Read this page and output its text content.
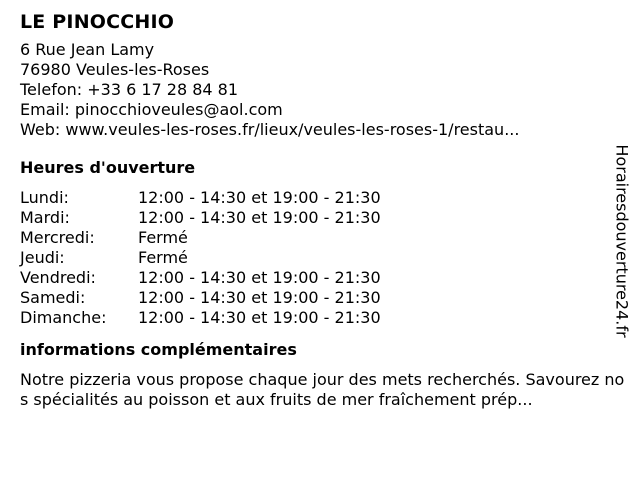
LE PINOCCHIO
6 Rue Jean Lamy
76980 Veules-les-Roses
Telefon: +33 6 17 28 84 81
Email: pinocchioveules@aol.com
Web: www.veules-les-roses.fr/lieux/veules-les-roses-1/restau...
Heures d'ouverture
Lundi:	12:00 - 14:30 et 19:00 - 21:30
Mardi:	12:00 - 14:30 et 19:00 - 21:30
Mercredi:	Fermé
Jeudi:	Fermé
Vendredi:	12:00 - 14:30 et 19:00 - 21:30
Samedi:	12:00 - 14:30 et 19:00 - 21:30
Dimanche:	12:00 - 14:30 et 19:00 - 21:30
informations complémentaires
Notre pizzeria vous propose chaque jour des mets recherchés. Savourez nos spécialités au poisson et aux fruits de mer fraîchement prép...
Horairesdouverture24.fr
